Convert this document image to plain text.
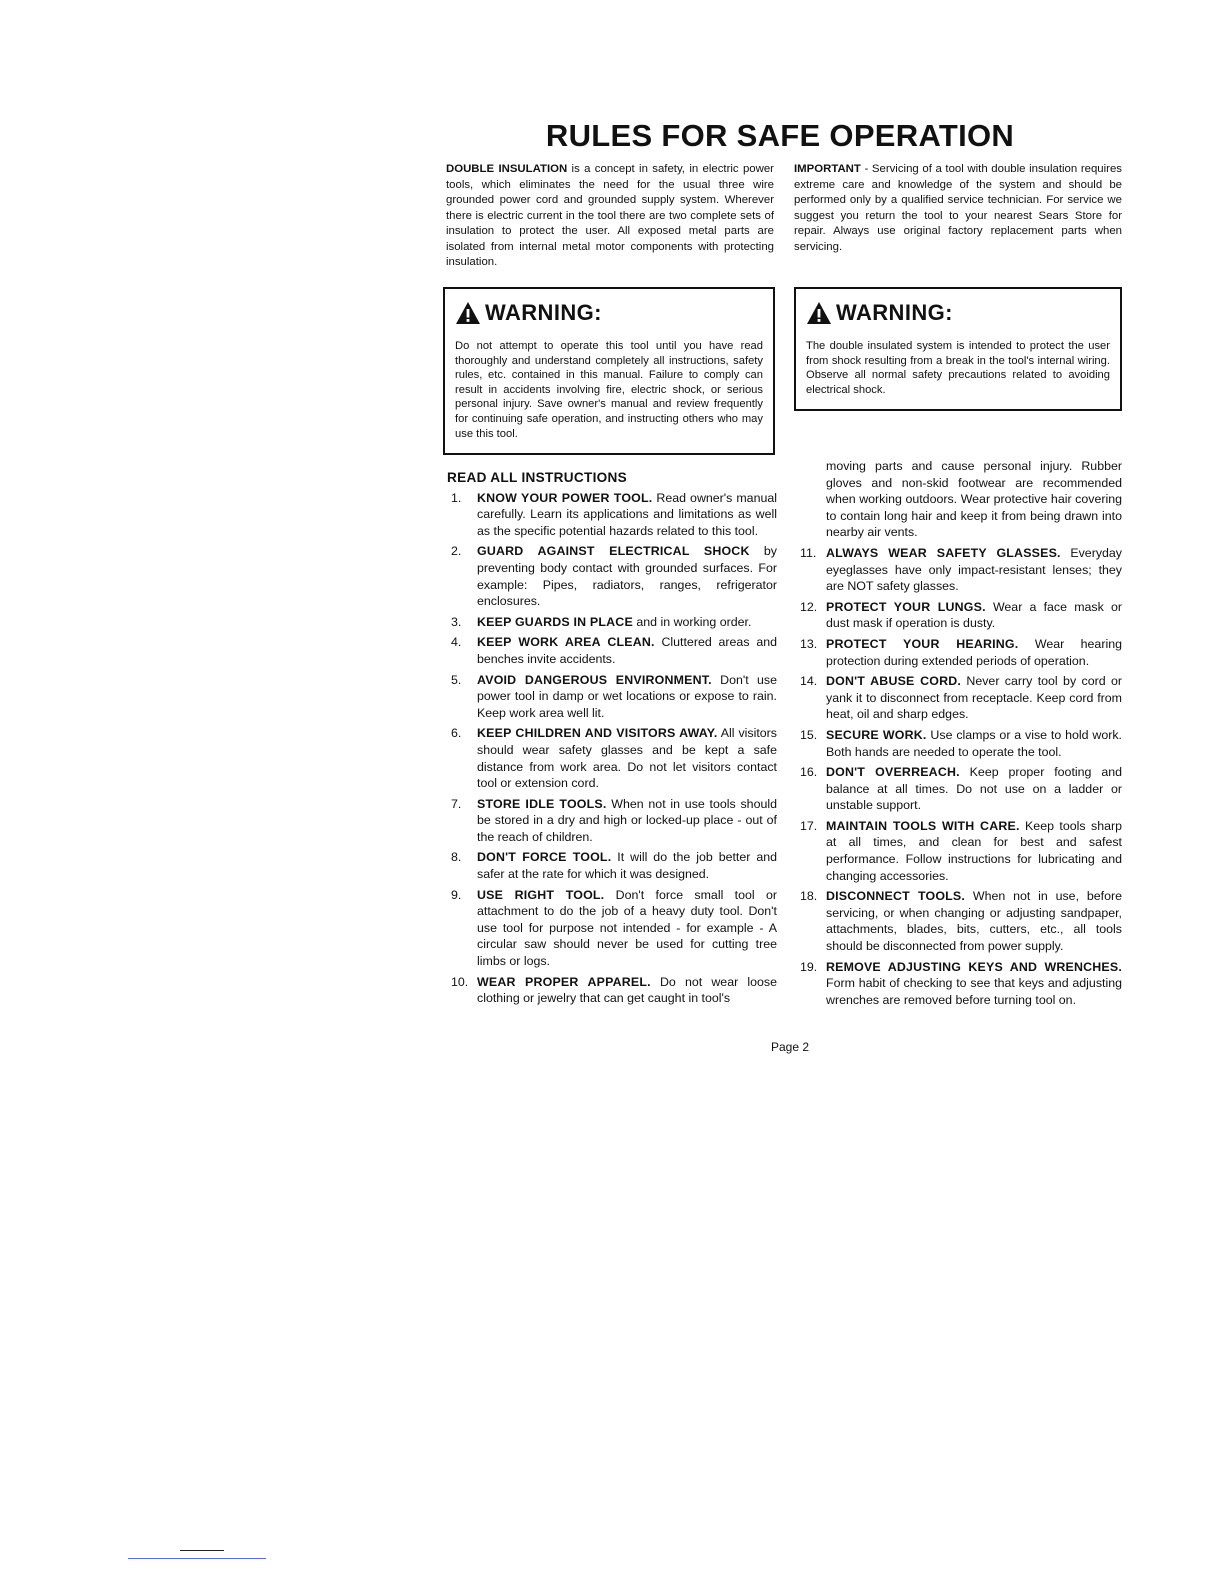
RULES FOR SAFE OPERATION

DOUBLE INSULATION is a concept in safety, in electric power tools, which eliminates the need for the usual three wire grounded power cord and grounded supply system. Wherever there is electric current in the tool there are two complete sets of insulation to protect the user. All exposed metal parts are isolated from internal metal motor components with protecting insulation.

IMPORTANT - Servicing of a tool with double insulation requires extreme care and knowledge of the system and should be performed only by a qualified service technician. For service we suggest you return the tool to your nearest Sears Store for repair. Always use original factory replacement parts when servicing.

WARNING:
Do not attempt to operate this tool until you have read thoroughly and understand completely all instructions, safety rules, etc. contained in this manual. Failure to comply can result in accidents involving fire, electric shock, or serious personal injury. Save owner's manual and review frequently for continuing safe operation, and instructing others who may use this tool.
WARNING:
The double insulated system is intended to protect the user from shock resulting from a break in the tool's internal wiring. Observe all normal safety precautions related to avoiding electrical shock.
READ ALL INSTRUCTIONS
1.	KNOW YOUR POWER TOOL. Read owner's manual carefully. Learn its applications and limitations as well as the specific potential hazards related to this tool.
2.	GUARD AGAINST ELECTRICAL SHOCK by preventing body contact with grounded surfaces. For example: Pipes, radiators, ranges, refrigerator enclosures.
3.	KEEP GUARDS IN PLACE and in working order.
4.	KEEP WORK AREA CLEAN. Cluttered areas and benches invite accidents.
5.	AVOID DANGEROUS ENVIRONMENT. Don't use power tool in damp or wet locations or expose to rain. Keep work area well lit.
6.	KEEP CHILDREN AND VISITORS AWAY. All visitors should wear safety glasses and be kept a safe distance from work area. Do not let visitors contact tool or extension cord.
7.	STORE IDLE TOOLS. When not in use tools should be stored in a dry and high or locked-up place - out of the reach of children.
8.	DON'T FORCE TOOL. It will do the job better and safer at the rate for which it was designed.
9.	USE RIGHT TOOL. Don't force small tool or attachment to do the job of a heavy duty tool. Don't use tool for purpose not intended - for example - A circular saw should never be used for cutting tree limbs or logs.
10. WEAR PROPER APPAREL. Do not wear loose clothing or jewelry that can get caught in tool's
moving parts and cause personal injury. Rubber gloves and non-skid footwear are recommended when working outdoors. Wear protective hair covering to contain long hair and keep it from being drawn into nearby air vents.
11. ALWAYS WEAR SAFETY GLASSES. Everyday eyeglasses have only impact-resistant lenses; they are NOT safety glasses.
12. PROTECT YOUR LUNGS. Wear a face mask or dust mask if operation is dusty.
13. PROTECT YOUR HEARING. Wear hearing protection during extended periods of operation.
14. DON'T ABUSE CORD. Never carry tool by cord or yank it to disconnect from receptacle. Keep cord from heat, oil and sharp edges.
15. SECURE WORK. Use clamps or a vise to hold work. Both hands are needed to operate the tool.
16. DON'T OVERREACH. Keep proper footing and balance at all times. Do not use on a ladder or unstable support.
17. MAINTAIN TOOLS WITH CARE. Keep tools sharp at all times, and clean for best and safest performance. Follow instructions for lubricating and changing accessories.
18. DISCONNECT TOOLS. When not in use, before servicing, or when changing or adjusting sandpaper, attachments, blades, bits, cutters, etc., all tools should be disconnected from power supply.
19. REMOVE ADJUSTING KEYS AND WRENCHES. Form habit of checking to see that keys and adjusting wrenches are removed before turning tool on.
Page 2
